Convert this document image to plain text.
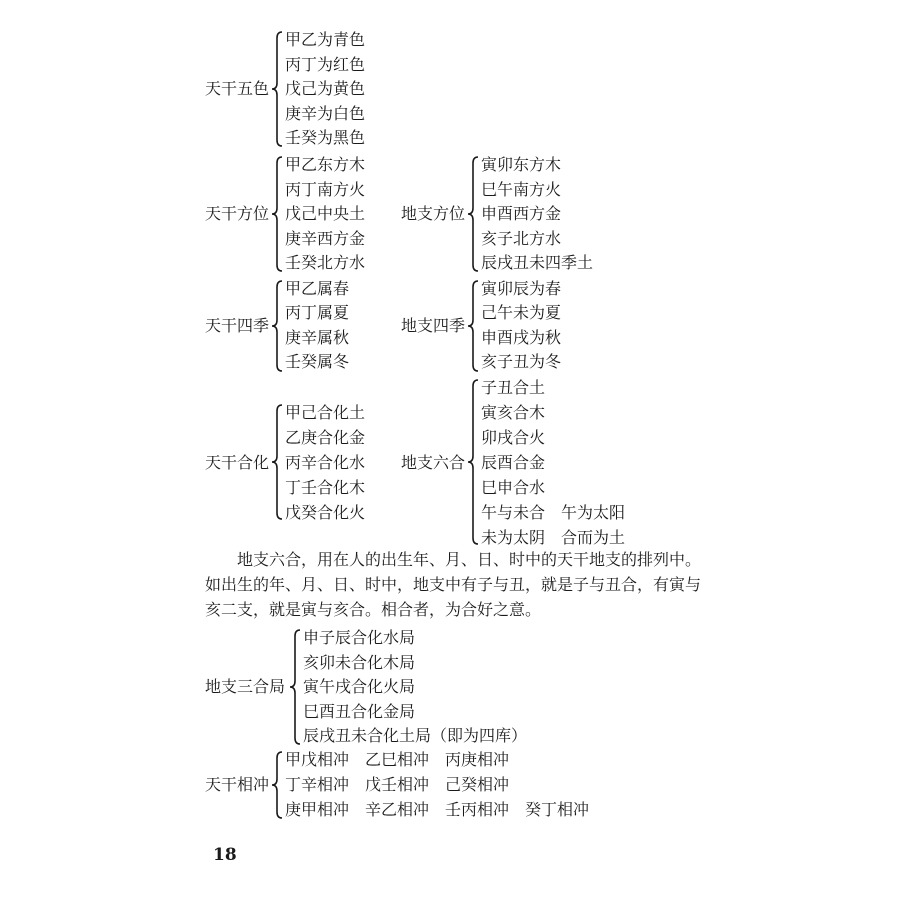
天干五色
甲乙为青色
丙丁为红色
戊己为黄色
庚辛为白色
壬癸为黑色
天干方位
甲乙东方木
丙丁南方火
戊己中央土
庚辛西方金
壬癸北方水
地支方位
寅卯东方木
巳午南方火
申酉西方金
亥子北方水
辰戌丑未四季土
天干四季
甲乙属春
丙丁属夏
庚辛属秋
壬癸属冬
地支四季
寅卯辰为春
己午未为夏
申酉戌为秋
亥子丑为冬
天干合化
甲己合化土
乙庚合化金
丙辛合化水
丁壬合化木
戊癸合化火
地支六合
子丑合土
寅亥合木
卯戌合火
辰酉合金
巳申合水
午与未合　午为太阳
未为太阴　合而为土
　　地支六合，用在人的出生年、月、日、时中的天干地支的排列中。
如出生的年、月、日、时中，地支中有子与丑，就是子与丑合，有寅与
亥二支，就是寅与亥合。相合者，为合好之意。
地支三合局
申子辰合化水局
亥卯未合化木局
寅午戌合化火局
巳酉丑合化金局
辰戌丑未合化土局（即为四库）
天干相冲
甲戊相冲　乙巳相冲　丙庚相冲
丁辛相冲　戊壬相冲　己癸相冲
庚甲相冲　辛乙相冲　壬丙相冲　癸丁相冲
18
